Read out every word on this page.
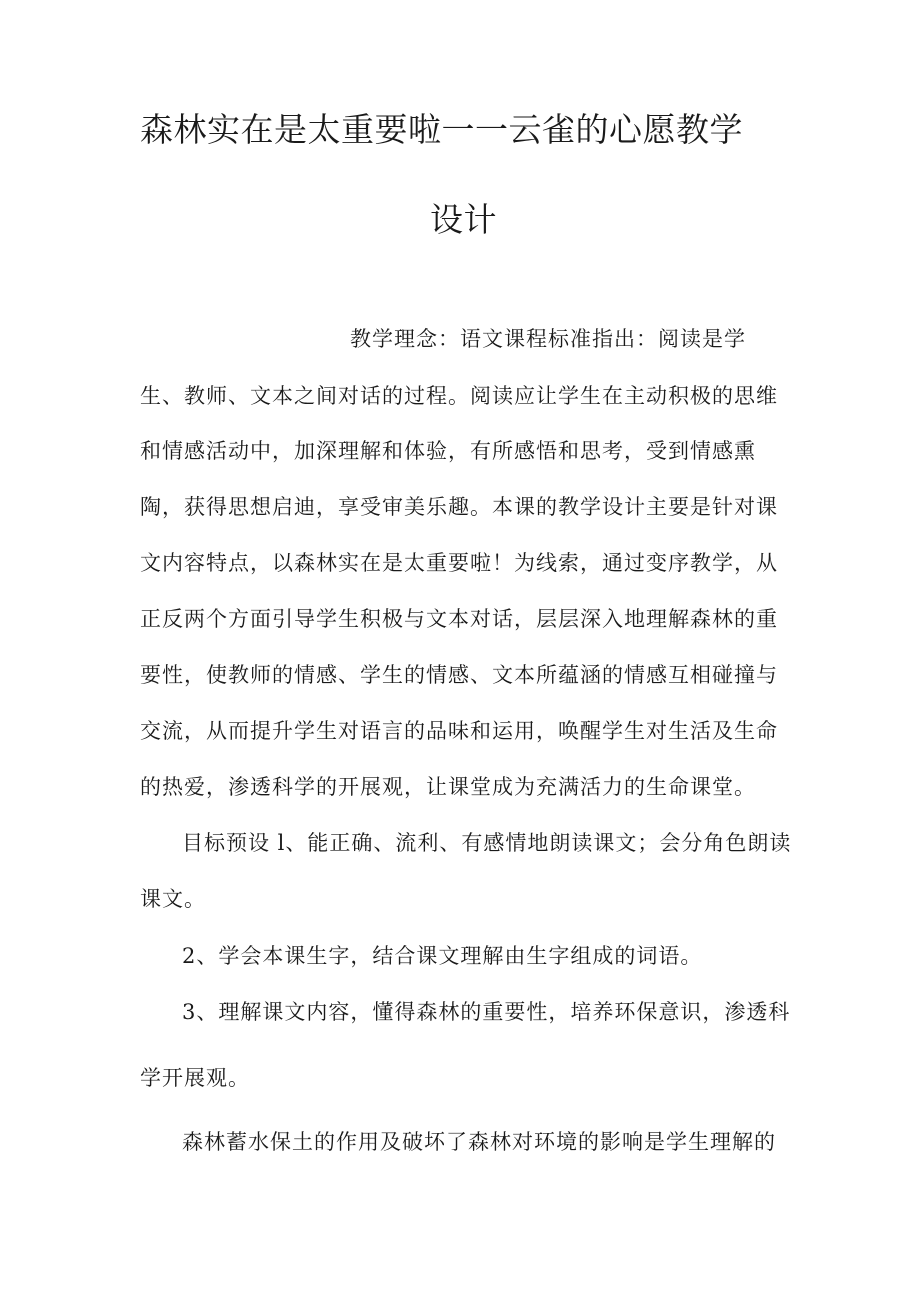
森林实在是太重要啦一一云雀的心愿教学
设计
教学理念：语文课程标准指出：阅读是学
生、教师、文本之间对话的过程。阅读应让学生在主动积极的思维
和情感活动中，加深理解和体验，有所感悟和思考，受到情感熏
陶，获得思想启迪，享受审美乐趣。本课的教学设计主要是针对课
文内容特点，以森林实在是太重要啦！为线索，通过变序教学，从
正反两个方面引导学生积极与文本对话，层层深入地理解森林的重
要性，使教师的情感、学生的情感、文本所蕴涵的情感互相碰撞与
交流，从而提升学生对语言的品味和运用，唤醒学生对生活及生命
的热爱，渗透科学的开展观，让课堂成为充满活力的生命课堂。
目标预设 l、能正确、流利、有感情地朗读课文；会分角色朗读
课文。
2、学会本课生字，结合课文理解由生字组成的词语。
3、理解课文内容，懂得森林的重要性，培养环保意识，渗透科
学开展观。
森林蓄水保土的作用及破坏了森林对环境的影响是学生理解的
